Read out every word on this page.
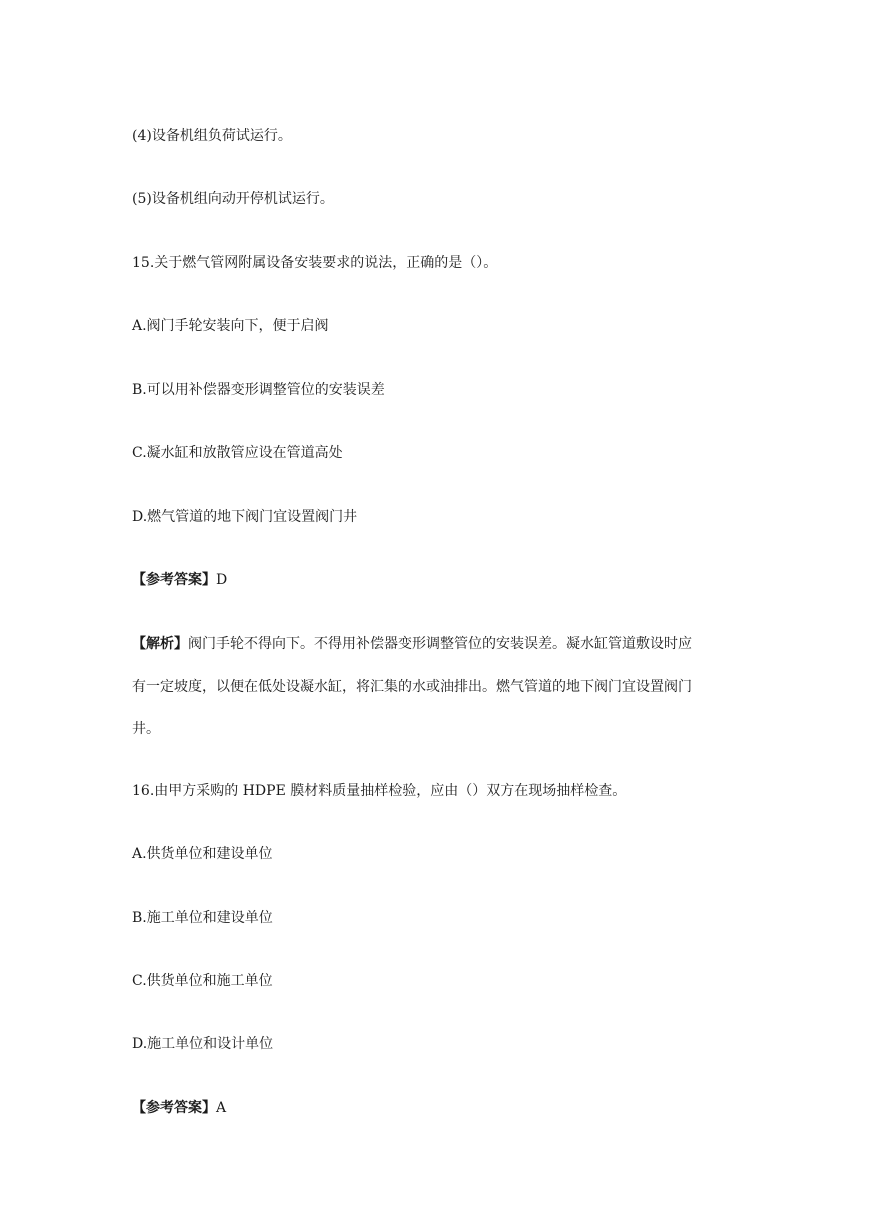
(4)设备机组负荷试运行。
(5)设备机组向动开停机试运行。
15.关于燃气管网附属设备安装要求的说法，正确的是（）。
A.阀门手轮安装向下，便于启阀
B.可以用补偿器变形调整管位的安装误差
C.凝水缸和放散管应设在管道高处
D.燃气管道的地下阀门宜设置阀门井
【参考答案】D
【解析】阀门手轮不得向下。不得用补偿器变形调整管位的安装误差。凝水缸管道敷设时应
有一定坡度，以便在低处设凝水缸，将汇集的水或油排出。燃气管道的地下阀门宜设置阀门
井。
16.由甲方采购的 HDPE 膜材料质量抽样检验，应由（）双方在现场抽样检查。
A.供货单位和建设单位
B.施工单位和建设单位
C.供货单位和施工单位
D.施工单位和设计单位
【参考答案】A
